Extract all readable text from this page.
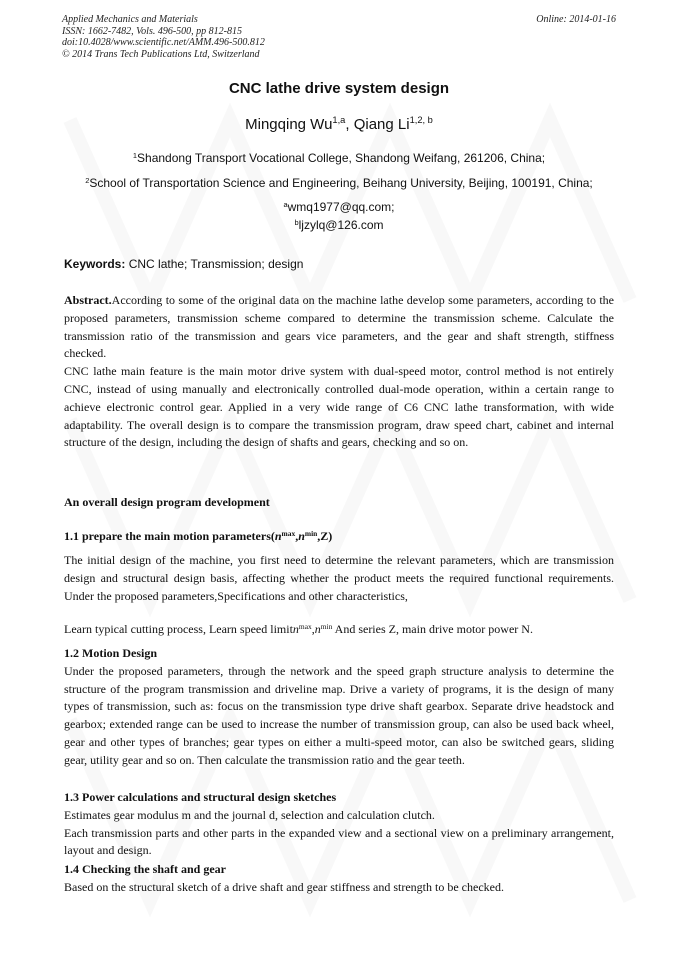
Applied Mechanics and Materials	Online: 2014-01-16
ISSN: 1662-7482, Vols. 496-500, pp 812-815
doi:10.4028/www.scientific.net/AMM.496-500.812
© 2014 Trans Tech Publications Ltd, Switzerland
CNC lathe drive system design
Mingqing Wu$^{1,a}$, Qiang Li$^{1,2, b}$
$^1$Shandong Transport Vocational College, Shandong Weifang, 261206, China;
$^2$School of Transportation Science and Engineering, Beihang University, Beijing, 100191, China;
$^a$wmq1977@qq.com;
$^b$ljzylq@126.com
Keywords: CNC lathe; Transmission; design

Abstract.According to some of the original data on the machine lathe develop some parameters, according to the proposed parameters, transmission scheme compared to determine the transmission scheme. Calculate the transmission ratio of the transmission and gears vice parameters, and the gear and shaft strength, stiffness checked.

CNC lathe main feature is the main motor drive system with dual-speed motor, control method is not entirely CNC, instead of using manually and electronically controlled dual-mode operation, within a certain range to achieve electronic control gear. Applied in a very wide range of C6 CNC lathe transformation, with wide adaptability. The overall design is to compare the transmission program, draw speed chart, cabinet and internal structure of the design, including the design of shafts and gears, checking and so on.

An overall design program development
1.1 prepare the main motion $parameters(n^{max},n^{min},Z)$

The initial design of the machine, you first need to determine the relevant parameters, which are transmission design and structural design basis, affecting whether the product meets the required functional requirements. Under the proposed parameters,Specifications and other characteristics,

Learn typical cutting process, Learn speed $limitn^{max},n^{min}$ And series Z, main drive motor power N.

1.2 Motion Design

Under the proposed parameters, through the network and the speed graph structure analysis to determine the structure of the program transmission and driveline map. Drive a variety of programs, it is the design of many types of transmission, such as: focus on the transmission type drive shaft gearbox. Separate drive headstock and gearbox; extended range can be used to increase the number of transmission group, can also be used back wheel, gear and other types of branches; gear types on either a multi-speed motor, can also be switched gears, sliding gear, utility gear and so on. Then calculate the transmission ratio and the gear teeth.

1.3 Power calculations and structural design sketches

Estimates gear modulus m and the journal d, selection and calculation clutch.

Each transmission parts and other parts in the expanded view and a sectional view on a preliminary arrangement, layout and design.

1.4 Checking the shaft and gear

Based on the structural sketch of a drive shaft and gear stiffness and strength to be checked.
